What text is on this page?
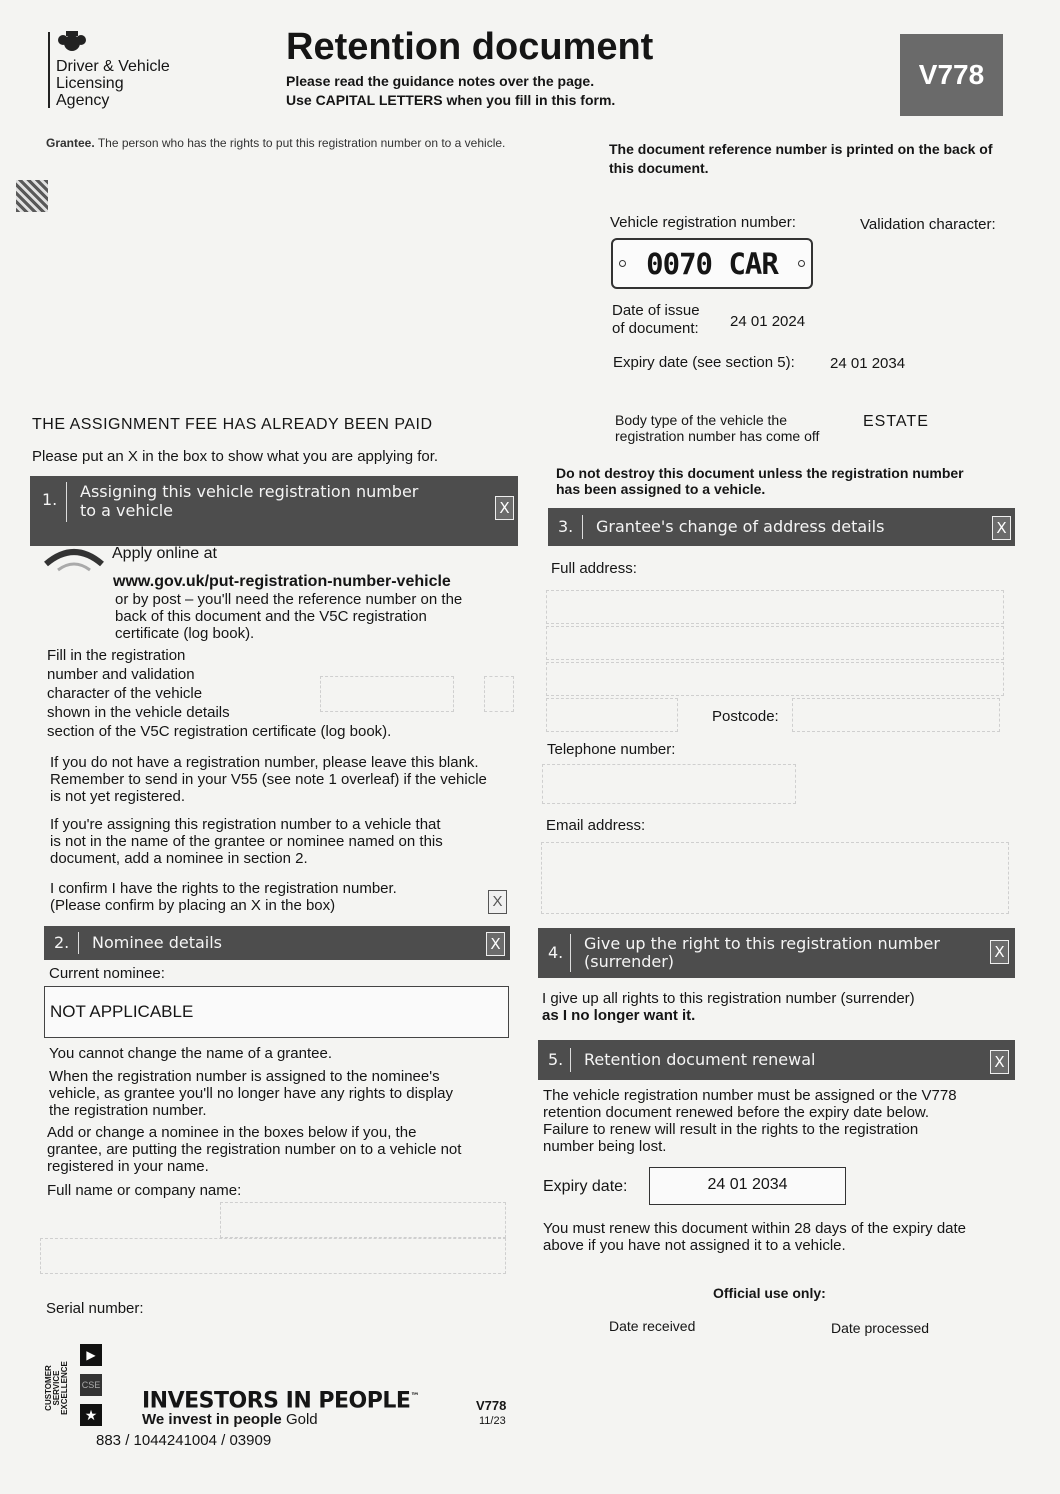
Driver & Vehicle
Licensing
Agency
Retention document
Please read the guidance notes over the page.
Use CAPITAL LETTERS when you fill in this form.
V778
Grantee. The person who has the rights to put this registration number on to a vehicle.	The document reference number is printed on the back of this document.
Vehicle registration number:	Validation character:
0070 CAR
Date of issue
of document: 24 01 2024
Expiry date (see section 5): 24 01 2034
Body type of the vehicle the
registration number has come off
ESTATE
THE ASSIGNMENT FEE HAS ALREADY BEEN PAID
Please put an X in the box to show what you are applying for.
Do not destroy this document unless the registration number has been assigned to a vehicle.
1. Assigning this vehicle registration number
to a vehicle	X
Apply online at
www.gov.uk/put-registration-number-vehicle
or by post – you'll need the reference number on the
back of this document and the V5C registration
certificate (log book).
Fill in the registration
number and validation
character of the vehicle
shown in the vehicle details
section of the V5C registration certificate (log book).
If you do not have a registration number, please leave this blank.
Remember to send in your V55 (see note 1 overleaf) if the vehicle
is not yet registered.
If you're assigning this registration number to a vehicle that
is not in the name of the grantee or nominee named on this
document, add a nominee in section 2.
I confirm I have the rights to the registration number.
(Please confirm by placing an X in the box)	X
2. Nominee details	X
Current nominee:
NOT APPLICABLE
You cannot change the name of a grantee.
When the registration number is assigned to the nominee's
vehicle, as grantee you'll no longer have any rights to display
the registration number.
Add or change a nominee in the boxes below if you, the
grantee, are putting the registration number on to a vehicle not
registered in your name.
Full name or company name:
Serial number:
3. Grantee's change of address details	X
Full address:
Postcode:
Telephone number:
Email address:
4. Give up the right to this registration number
(surrender)	X
I give up all rights to this registration number (surrender)
as I no longer want it.
5. Retention document renewal	X
The vehicle registration number must be assigned or the V778
retention document renewed before the expiry date below.
Failure to renew will result in the rights to the registration
number being lost.
Expiry date:	24 01 2034
You must renew this document within 28 days of the expiry date
above if you have not assigned it to a vehicle.
Official use only:
Date received	Date processed
CUSTOMER SERVICE EXCELLENCE
▶
CSE
★
INVESTORS IN PEOPLE™
We invest in people Gold
883 / 1044241004 / 03909
V778
11/23
